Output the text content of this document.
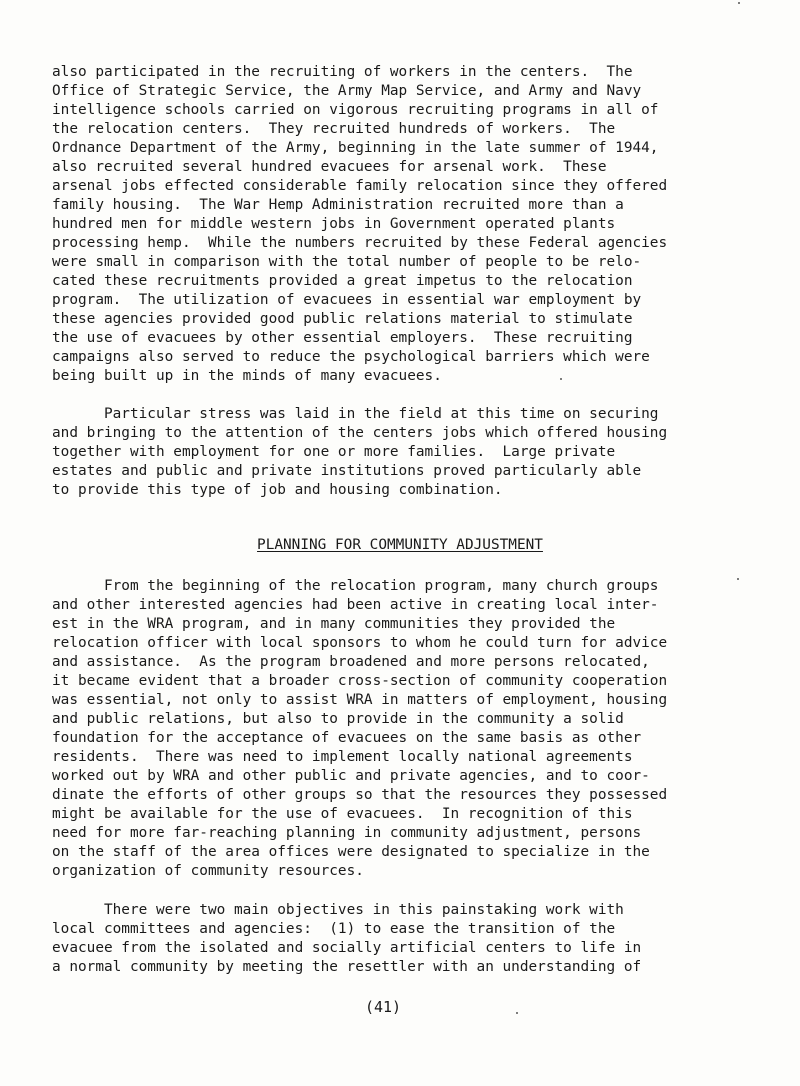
also participated in the recruiting of workers in the centers.  The
Office of Strategic Service, the Army Map Service, and Army and Navy
intelligence schools carried on vigorous recruiting programs in all of
the relocation centers.  They recruited hundreds of workers.  The
Ordnance Department of the Army, beginning in the late summer of 1944,
also recruited several hundred evacuees for arsenal work.  These
arsenal jobs effected considerable family relocation since they offered
family housing.  The War Hemp Administration recruited more than a
hundred men for middle western jobs in Government operated plants
processing hemp.  While the numbers recruited by these Federal agencies
were small in comparison with the total number of people to be relo-
cated these recruitments provided a great impetus to the relocation
program.  The utilization of evacuees in essential war employment by
these agencies provided good public relations material to stimulate
the use of evacuees by other essential employers.  These recruiting
campaigns also served to reduce the psychological barriers which were
being built up in the minds of many evacuees.
Particular stress was laid in the field at this time on securing
and bringing to the attention of the centers jobs which offered housing
together with employment for one or more families.  Large private
estates and public and private institutions proved particularly able
to provide this type of job and housing combination.
PLANNING FOR COMMUNITY ADJUSTMENT
From the beginning of the relocation program, many church groups
and other interested agencies had been active in creating local inter-
est in the WRA program, and in many communities they provided the
relocation officer with local sponsors to whom he could turn for advice
and assistance.  As the program broadened and more persons relocated,
it became evident that a broader cross-section of community cooperation
was essential, not only to assist WRA in matters of employment, housing
and public relations, but also to provide in the community a solid
foundation for the acceptance of evacuees on the same basis as other
residents.  There was need to implement locally national agreements
worked out by WRA and other public and private agencies, and to coor-
dinate the efforts of other groups so that the resources they possessed
might be available for the use of evacuees.  In recognition of this
need for more far-reaching planning in community adjustment, persons
on the staff of the area offices were designated to specialize in the
organization of community resources.
There were two main objectives in this painstaking work with
local committees and agencies:  (1) to ease the transition of the
evacuee from the isolated and socially artificial centers to life in
a normal community by meeting the resettler with an understanding of
(41)
